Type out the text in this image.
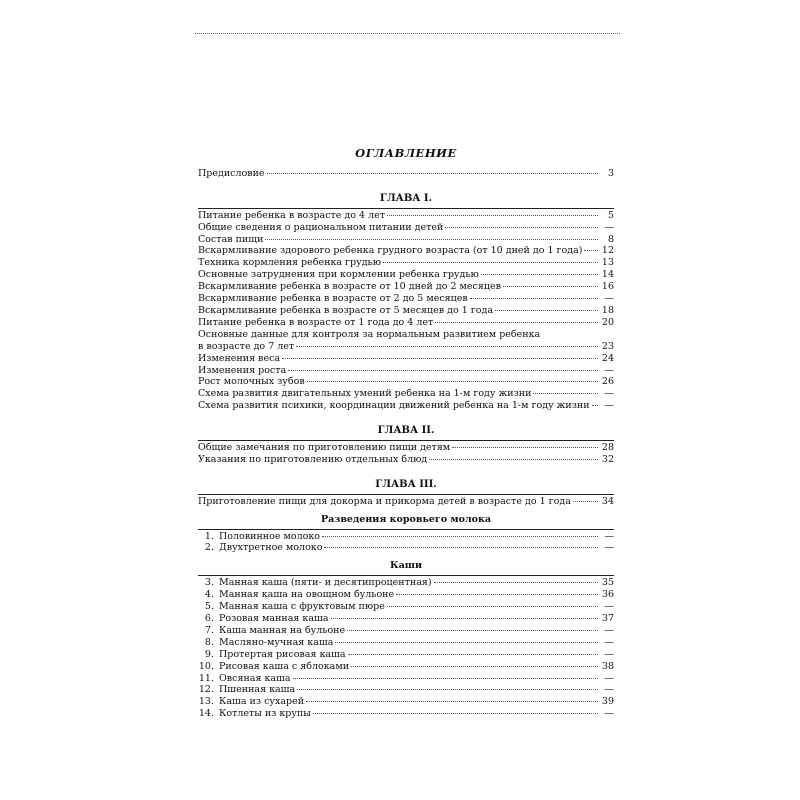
ОГЛАВЛЕНИЕ
Предисловие	3
ГЛАВА I.
Питание ребенка в возрасте до 4 лет	5
Общие сведения о рациональном питании детей	—
Состав пищи	8
Вскармливание здорового ребенка грудного возраста (от 10 дней до 1 года) 12
Техника кормления ребенка грудью	13
Основные затруднения при кормлении ребенка грудью	14
Вскармливание ребенка в возрасте от 10 дней до 2 месяцев	16
Вскармливание ребенка в возрасте от 2 до 5 месяцев	—
Вскармливание ребенка в возрасте от 5 месяцев до 1 года	18
Питание ребенка в возрасте от 1 года до 4 лет	20
Основные данные для контроля за нормальным развитием ребенка
в возрасте до 7 лет	23
Изменения веса	24
Изменения роста	—
Рост молочных зубов	26
Схема развития двигательных умений ребенка на 1-м году жизни	—
Схема развития психики, координации движений ребенка на 1-м году жизни	—
ГЛАВА II.
Общие замечания по приготовлению пищи детям	28
Указания по приготовлению отдельных блюд	32
ГЛАВА III.
Приготовление пищи для докорма и прикорма детей в возрасте до 1 года	34
Разведения коровьего молока
1. Половинное молоко	—
2. Двухтретное молоко	—
Каши
3. Манная каша (пяти- и десятипроцентная)	35
4. Манная каша на овощном бульоне	36
5. Манная каша с фруктовым пюре	—
6. Розовая манная каша	37
7. Каша манная на бульоне	—
8. Масляно-мучная каша	—
9. Протертая рисовая каша	—
10. Рисовая каша с яблоками	38
11. Овсяная каша	—
12. Пшенная каша	—
13. Каша из сухарей	39
14. Котлеты из крупы	—
